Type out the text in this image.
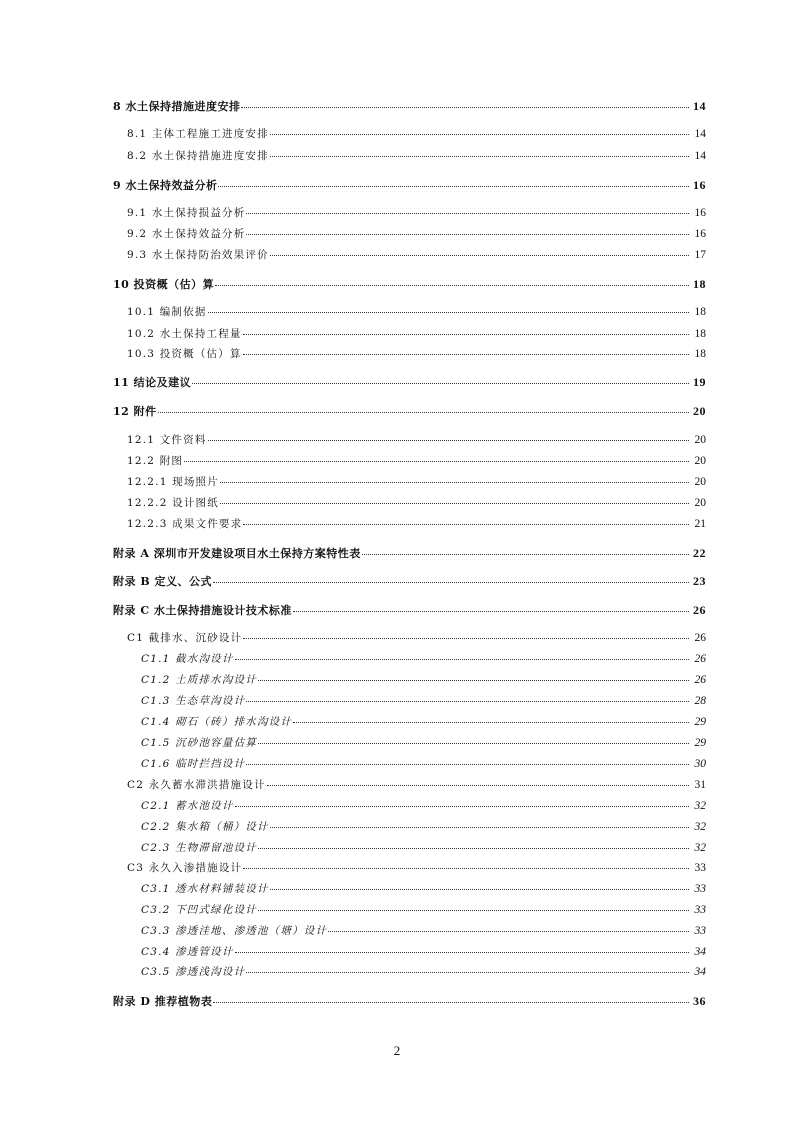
8 水土保持措施进度安排	14
8.1 主体工程施工进度安排	14
8.2 水土保持措施进度安排	14
9 水土保持效益分析	16
9.1 水土保持损益分析	16
9.2 水土保持效益分析	16
9.3 水土保持防治效果评价	17
10 投资概（估）算	18
10.1 编制依据	18
10.2 水土保持工程量	18
10.3 投资概（估）算	18
11 结论及建议	19
12 附件	20
12.1 文件资料	20
12.2 附图	20
12.2.1 现场照片	20
12.2.2 设计图纸	20
12.2.3 成果文件要求	21
附录 A 深圳市开发建设项目水土保持方案特性表	22
附录 B 定义、公式	23
附录 C 水土保持措施设计技术标准	26
C1 截排水、沉砂设计	26
C1.1 截水沟设计	26
C1.2 土质排水沟设计	26
C1.3 生态草沟设计	28
C1.4 砌石（砖）排水沟设计	29
C1.5 沉砂池容量估算	29
C1.6 临时拦挡设计	30
C2 永久蓄水滞洪措施设计	31
C2.1 蓄水池设计	32
C2.2 集水箱（桶）设计	32
C2.3 生物滞留池设计	32
C3 永久入渗措施设计	33
C3.1 透水材料铺装设计	33
C3.2 下凹式绿化设计	33
C3.3 渗透洼地、渗透池（塘）设计	33
C3.4 渗透管设计	34
C3.5 渗透浅沟设计	34
附录 D 推荐植物表	36
2
